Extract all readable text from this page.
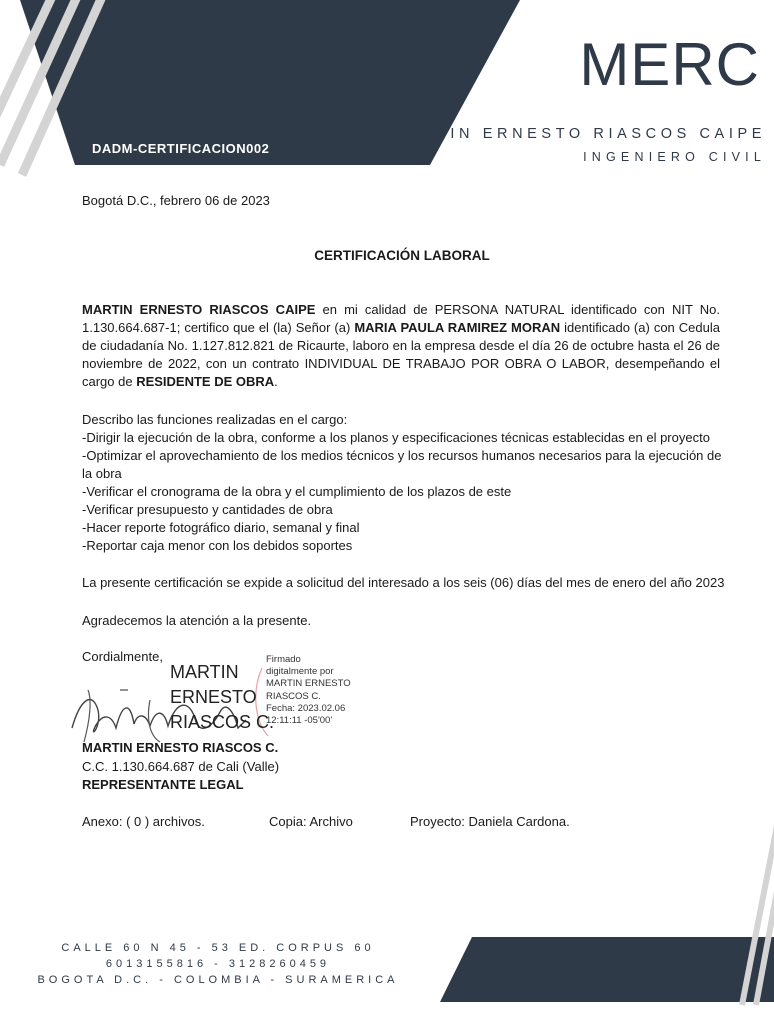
DADM-CERTIFICACION002
MERC
MARTIN ERNESTO RIASCOS CAIPE
INGENIERO CIVIL
Bogotá D.C., febrero 06 de 2023
CERTIFICACIÓN LABORAL
MARTIN ERNESTO RIASCOS CAIPE en mi calidad de PERSONA NATURAL identificado con NIT No. 1.130.664.687-1; certifico que el (la) Señor (a) MARIA PAULA RAMIREZ MORAN identificado (a) con Cedula de ciudadanía No. 1.127.812.821 de Ricaurte, laboro en la empresa desde el día 26 de octubre hasta el 26 de noviembre de 2022, con un contrato INDIVIDUAL DE TRABAJO POR OBRA O LABOR, desempeñando el cargo de RESIDENTE DE OBRA.
Describo las funciones realizadas en el cargo:
-Dirigir la ejecución de la obra, conforme a los planos y especificaciones técnicas establecidas en el proyecto
-Optimizar el aprovechamiento de los medios técnicos y los recursos humanos necesarios para la ejecución de la obra
-Verificar el cronograma de la obra y el cumplimiento de los plazos de este
-Verificar presupuesto y cantidades de obra
-Hacer reporte fotográfico diario, semanal y final
-Reportar caja menor con los debidos soportes
La presente certificación se expide a solicitud del interesado a los seis (06) días del mes de enero del año 2023
Agradecemos la atención a la presente.
Cordialmente,
MARTIN
ERNESTO
RIASCOS C.
Firmado
digitalmente por
MARTIN ERNESTO
RIASCOS C.
Fecha: 2023.02.06
12:11:11 -05'00'
MARTIN ERNESTO RIASCOS C.
C.C. 1.130.664.687 de Cali (Valle)
REPRESENTANTE LEGAL
Anexo: ( 0 ) archivos.	Copia: Archivo	Proyecto: Daniela Cardona.
CALLE 60 N 45 - 53 ED. CORPUS 60
6013155816 - 3128260459
BOGOTA D.C. - COLOMBIA - SURAMERICA
